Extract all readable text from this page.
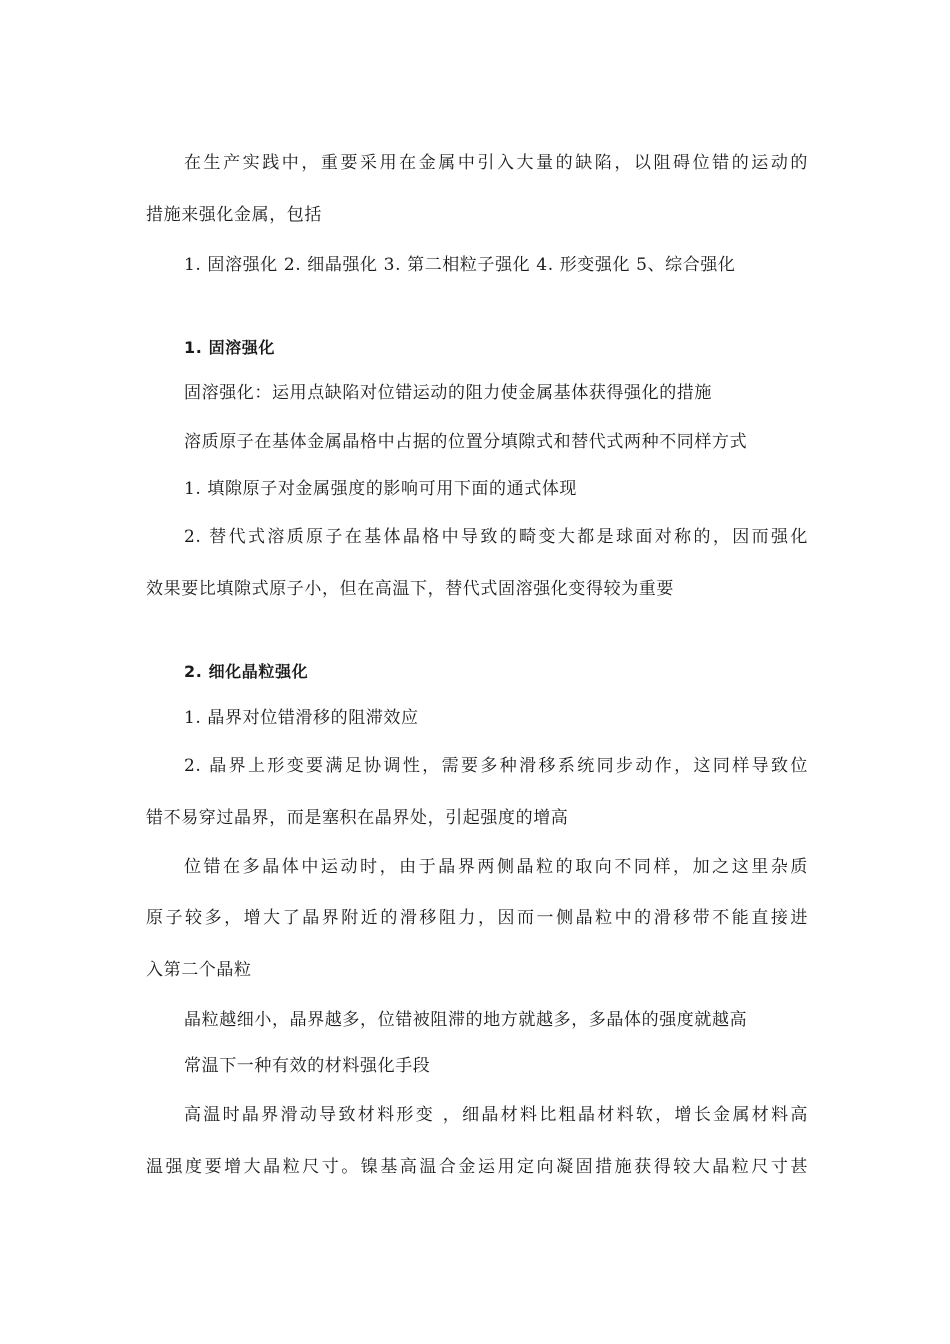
在生产实践中，重要采用在金属中引入大量的缺陷，以阻碍位错的运动的
措施来强化金属，包括
1. 固溶强化 2. 细晶强化 3. 第二相粒子强化 4. 形变强化 5、综合强化
1. 固溶强化
固溶强化：运用点缺陷对位错运动的阻力使金属基体获得强化的措施
溶质原子在基体金属晶格中占据的位置分填隙式和替代式两种不同样方式
1. 填隙原子对金属强度的影响可用下面的通式体现
2. 替代式溶质原子在基体晶格中导致的畸变大都是球面对称的，因而强化
效果要比填隙式原子小，但在高温下，替代式固溶强化变得较为重要
2. 细化晶粒强化
1. 晶界对位错滑移的阻滞效应
2. 晶界上形变要满足协调性，需要多种滑移系统同步动作，这同样导致位
错不易穿过晶界，而是塞积在晶界处，引起强度的增高
位错在多晶体中运动时，由于晶界两侧晶粒的取向不同样，加之这里杂质
原子较多，增大了晶界附近的滑移阻力，因而一侧晶粒中的滑移带不能直接进
入第二个晶粒
晶粒越细小，晶界越多，位错被阻滞的地方就越多，多晶体的强度就越高
常温下一种有效的材料强化手段
高温时晶界滑动导致材料形变 ，细晶材料比粗晶材料软，增长金属材料高
温强度要增大晶粒尺寸。镍基高温合金运用定向凝固措施获得较大晶粒尺寸甚
